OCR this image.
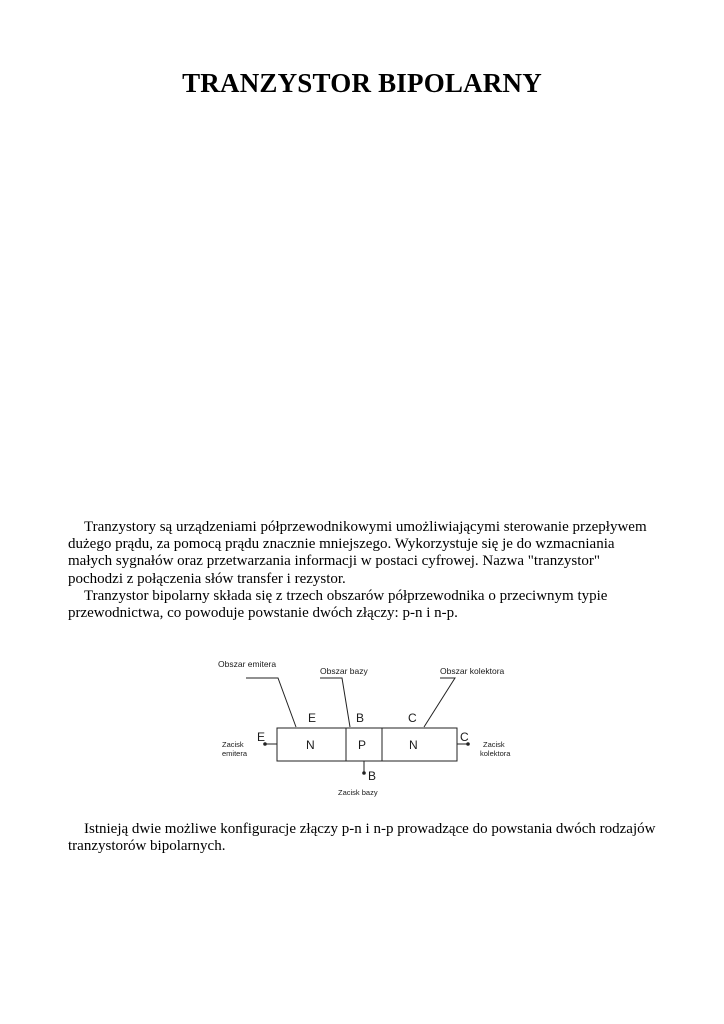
TRANZYSTOR BIPOLARNY

Tranzystory są urządzeniami półprzewodnikowymi umożliwiającymi sterowanie przepływem dużego prądu, za pomocą prądu znacznie mniejszego. Wykorzystuje się je do wzmacniania małych sygnałów oraz przetwarzania informacji w postaci cyfrowej. Nazwa "tranzystor" pochodzi z połączenia słów transfer i rezystor.

Tranzystor bipolarny składa się z trzech obszarów półprzewodnika o przeciwnym typie przewodnictwa, co powoduje powstanie dwóch złączy: p-n i n-p.

Obszar emitera
Obszar bazy	Obszar kolektora
E	B	C
N	P	N
E
Zacisk
emitera
C
Zacisk
kolektora
B
Zacisk bazy

Istnieją dwie możliwe konfiguracje złączy p-n i n-p prowadzące do powstania dwóch rodzajów tranzystorów bipolarnych.
